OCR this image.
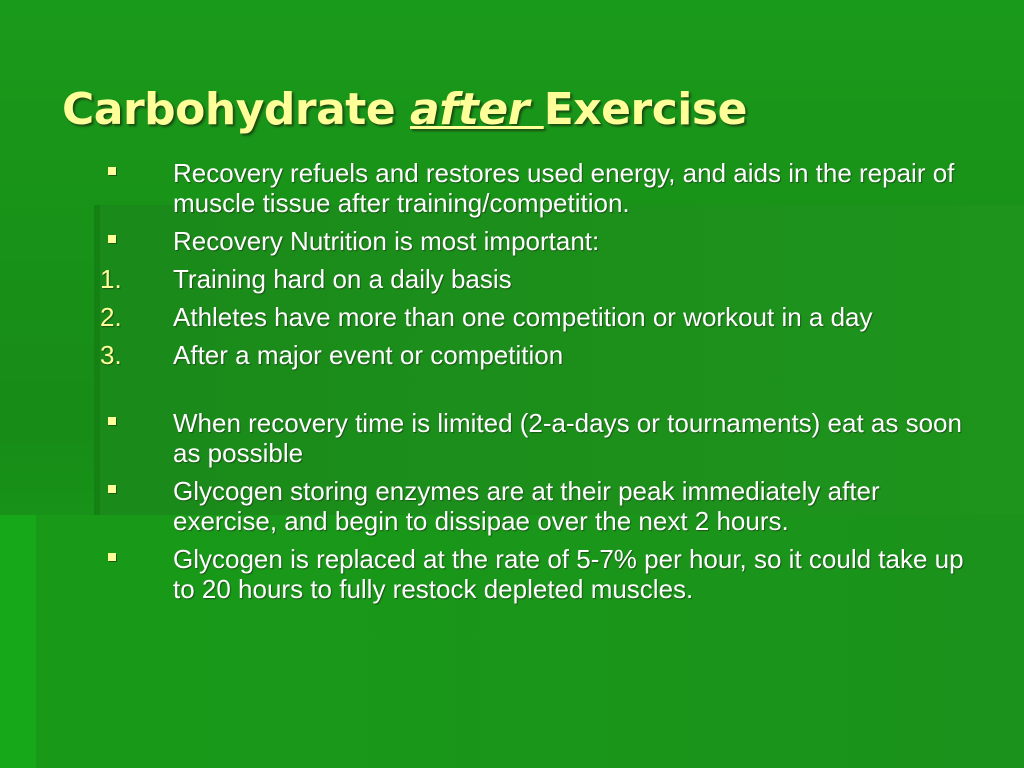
Carbohydrate after Exercise
Recovery refuels and restores used energy, and aids in the repair of muscle tissue after training/competition.
Recovery Nutrition is most important:
1.	Training hard on a daily basis
2.	Athletes have more than one competition or workout in a day
3.	After a major event or competition
When recovery time is limited (2-a-days or tournaments) eat as soon as possible
Glycogen storing enzymes are at their peak immediately after exercise, and begin to dissipae over the next 2 hours.
Glycogen is replaced at the rate of 5-7% per hour, so it could take up to 20 hours to fully restock depleted muscles.
